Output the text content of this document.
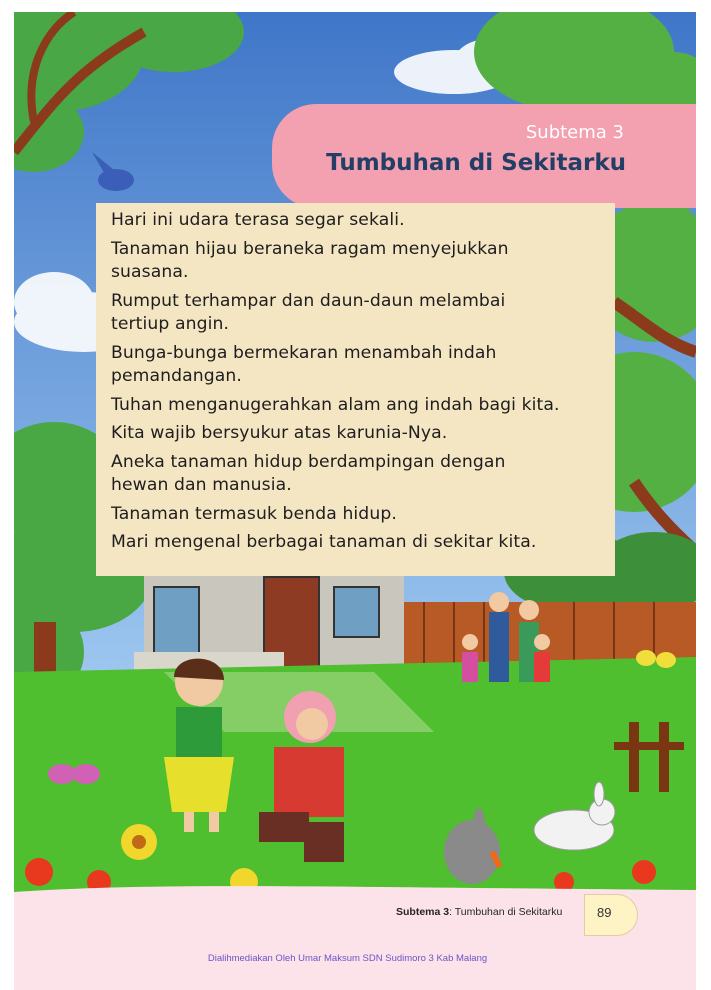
Subtema 3
Tumbuhan di Sekitarku
Hari ini udara terasa segar sekali.
Tanaman hijau beraneka ragam menyejukkan
suasana.
Rumput terhampar dan daun-daun melambai
tertiup angin.
Bunga-bunga bermekaran menambah indah
pemandangan.
Tuhan menganugerahkan alam ang indah bagi kita.
Kita wajib bersyukur atas karunia-Nya.
Aneka tanaman hidup berdampingan dengan
hewan dan manusia.
Tanaman termasuk benda hidup.
Mari mengenal berbagai tanaman di sekitar kita.
Subtema 3: Tumbuhan di Sekitarku	89
Dialihmediakan Oleh Umar Maksum SDN Sudimoro 3 Kab Malang
